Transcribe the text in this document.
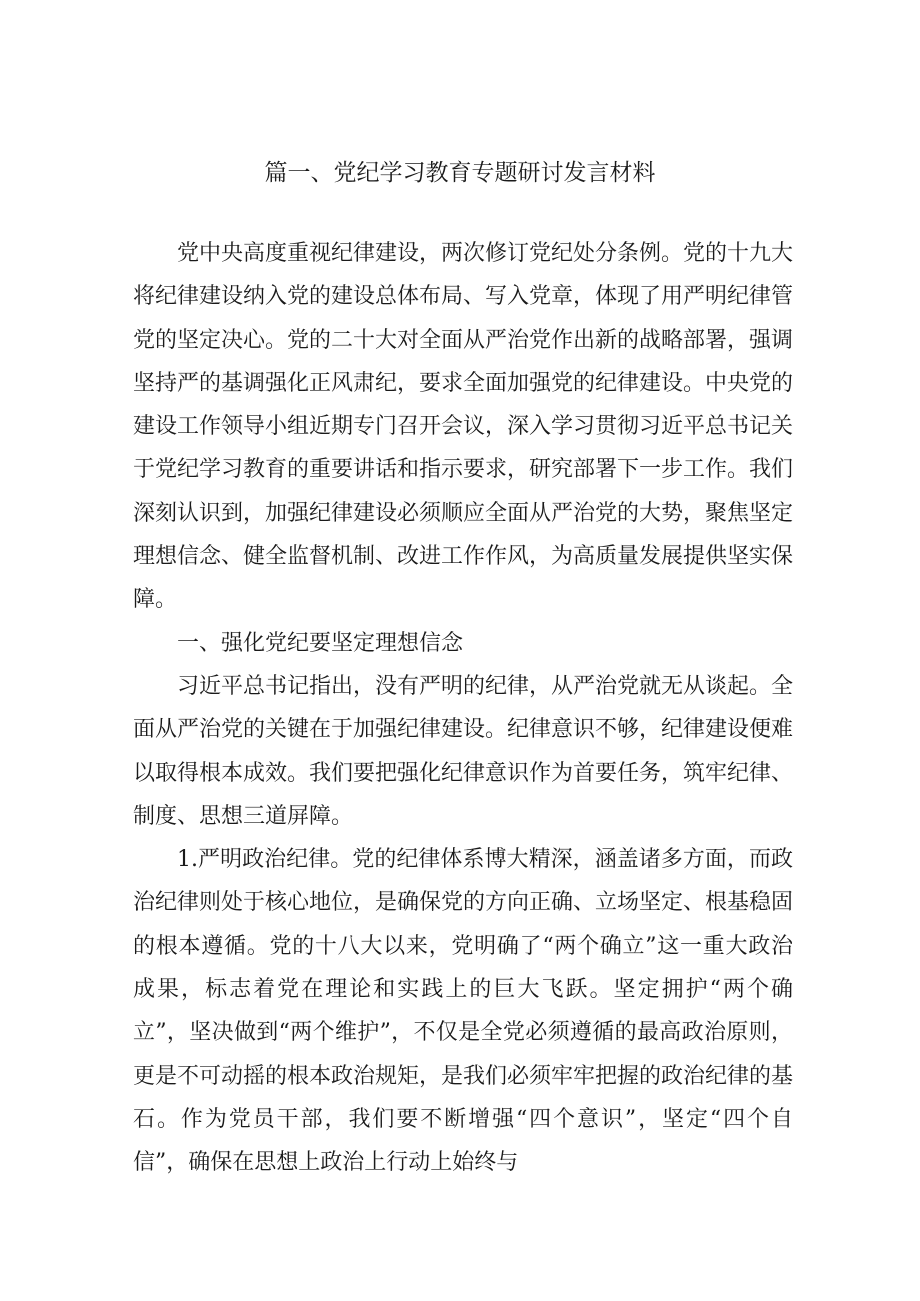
篇一、党纪学习教育专题研讨发言材料

党中央高度重视纪律建设，两次修订党纪处分条例。党的十九大将纪律建设纳入党的建设总体布局、写入党章，体现了用严明纪律管党的坚定决心。党的二十大对全面从严治党作出新的战略部署，强调坚持严的基调强化正风肃纪，要求全面加强党的纪律建设。中央党的建设工作领导小组近期专门召开会议，深入学习贯彻习近平总书记关于党纪学习教育的重要讲话和指示要求，研究部署下一步工作。我们深刻认识到，加强纪律建设必须顺应全面从严治党的大势，聚焦坚定理想信念、健全监督机制、改进工作作风，为高质量发展提供坚实保障。

一、强化党纪要坚定理想信念

习近平总书记指出，没有严明的纪律，从严治党就无从谈起。全面从严治党的关键在于加强纪律建设。纪律意识不够，纪律建设便难以取得根本成效。我们要把强化纪律意识作为首要任务，筑牢纪律、制度、思想三道屏障。

1.严明政治纪律。党的纪律体系博大精深，涵盖诸多方面，而政治纪律则处于核心地位，是确保党的方向正确、立场坚定、根基稳固的根本遵循。党的十八大以来，党明确了“两个确立”这一重大政治成果，标志着党在理论和实践上的巨大飞跃。坚定拥护“两个确立”，坚决做到“两个维护”，不仅是全党必须遵循的最高政治原则，更是不可动摇的根本政治规矩，是我们必须牢牢把握的政治纪律的基石。作为党员干部，我们要不断增强“四个意识”，坚定“四个自信”，确保在思想上政治上行动上始终与
